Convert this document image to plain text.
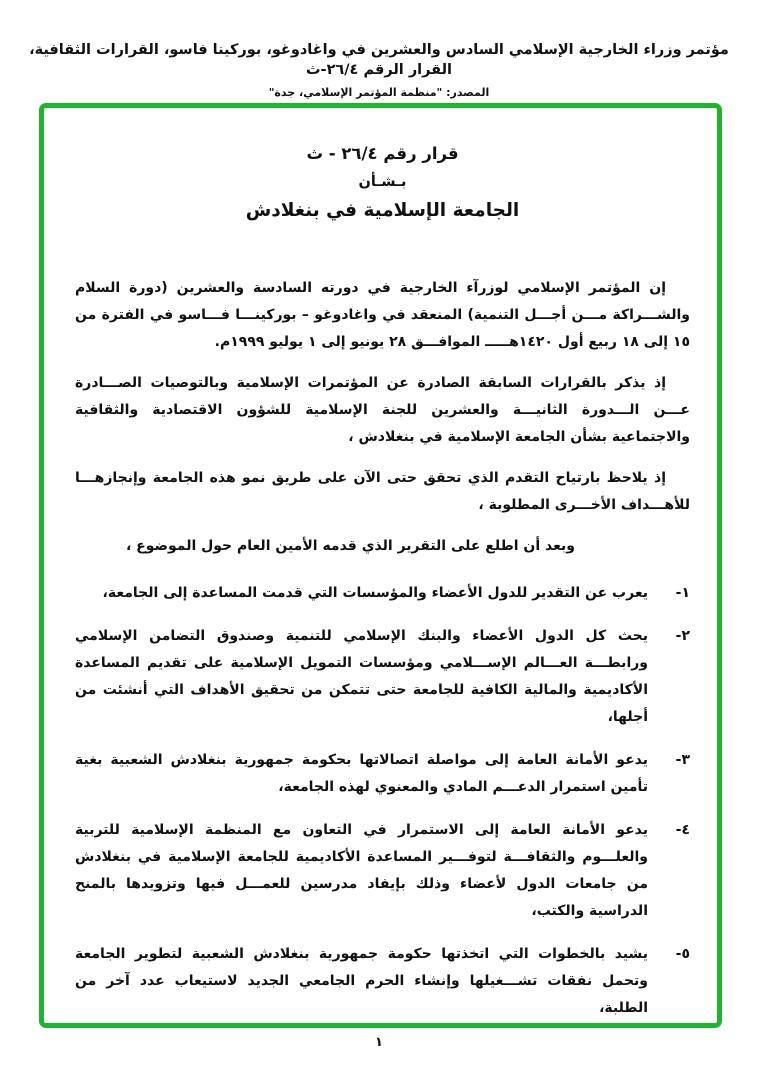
مؤتمر وزراء الخارجية الإسلامي السادس والعشرين في واغادوغو، بوركينا فاسو، القرارات الثقافية، القرار الرقم ٢٦/٤-ث
المصدر: "منظمة المؤتمر الإسلامي، جدة"
قرار رقم ٢٦/٤ - ث
بـشـأن
الجامعة الإسلامية في بنغلادش

إن المؤتمر الإسلامي لوزرآء الخارجية في دورته السادسة والعشرين (دورة السلام والشـــراكة مـــن أجـــل التنمية) المنعقد في واغادوغو – بوركينـــا فـــاسو في الفترة من ١٥ إلى ١٨ ربيع أول ١٤٢٠هـــــ الموافـــق ٢٨ يونيو إلى ١ يوليو ١٩٩٩م.

إذ يذكر بالقرارات السابقة الصادرة عن المؤتمرات الإسلامية وبالتوصيات الصـــادرة عـــن الـــدورة الثانيـــة والعشرين للجنة الإسلامية للشؤون الاقتصادية والثقافية والاجتماعية بشأن الجامعة الإسلامية في بنغلادش ،

إذ يلاحظ بارتياح التقدم الذي تحقق حتى الآن على طريق نمو هذه الجامعة وإنجازهـــا للأهـــداف الأخـــرى المطلوبة ،

وبعد أن اطلع على التقرير الذي قدمه الأمين العام حول الموضوع ،

١-
يعرب عن التقدير للدول الأعضاء والمؤسسات التي قدمت المساعدة إلى الجامعة،
٢-
يحث كل الدول الأعضاء والبنك الإسلامي للتنمية وصندوق التضامن الإسلامي ورابطـــة العـــالم الإســـلامي ومؤسسات التمويل الإسلامية على تقديم المساعدة الأكاديمية والمالية الكافية للجامعة حتى تتمكن من تحقيق الأهداف التي أنشئت من أجلها،
٣-
يدعو الأمانة العامة إلى مواصلة اتصالاتها بحكومة جمهورية بنغلادش الشعبية بغية تأمين استمرار الدعـــم المادي والمعنوي لهذه الجامعة،
٤-
يدعو الأمانة العامة إلى الاستمرار في التعاون مع المنظمة الإسلامية للتربية والعلـــوم والثقافـــة لتوفـــير المساعدة الأكاديمية للجامعة الإسلامية في بنغلادش من جامعات الدول لأعضاء وذلك بإيفاد مدرسين للعمـــل فيها وتزويدها بالمنح الدراسية والكتب،
٥-
يشيد بالخطوات التي اتخذتها حكومة جمهورية بنغلادش الشعبية لتطوير الجامعة وتحمل نفقات تشـــغيلها وإنشاء الحرم الجامعي الجديد لاستيعاب عدد آخر من الطلبة،
١
